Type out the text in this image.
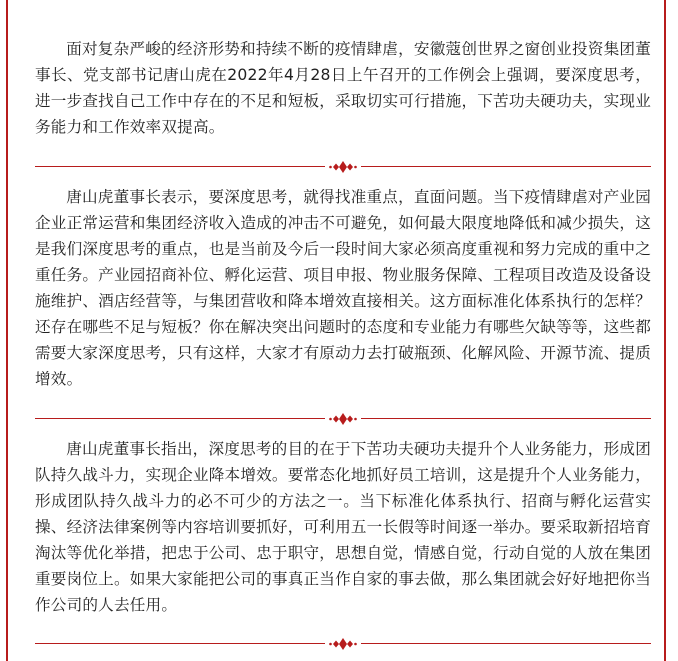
面对复杂严峻的经济形势和持续不断的疫情肆虐，安徽蔻创世界之窗创业投资集团董事长、党支部书记唐山虎在2022年4月28日上午召开的工作例会上强调，要深度思考，进一步查找自己工作中存在的不足和短板，采取切实可行措施，下苦功夫硬功夫，实现业务能力和工作效率双提高。

唐山虎董事长表示，要深度思考，就得找准重点，直面问题。当下疫情肆虐对产业园企业正常运营和集团经济收入造成的冲击不可避免，如何最大限度地降低和减少损失，这是我们深度思考的重点，也是当前及今后一段时间大家必须高度重视和努力完成的重中之重任务。产业园招商补位、孵化运营、项目申报、物业服务保障、工程项目改造及设备设施维护、酒店经营等，与集团营收和降本增效直接相关。这方面标准化体系执行的怎样？还存在哪些不足与短板？你在解决突出问题时的态度和专业能力有哪些欠缺等等，这些都需要大家深度思考，只有这样，大家才有原动力去打破瓶颈、化解风险、开源节流、提质增效。

唐山虎董事长指出，深度思考的目的在于下苦功夫硬功夫提升个人业务能力，形成团队持久战斗力，实现企业降本增效。要常态化地抓好员工培训，这是提升个人业务能力，形成团队持久战斗力的必不可少的方法之一。当下标准化体系执行、招商与孵化运营实操、经济法律案例等内容培训要抓好，可利用五一长假等时间逐一举办。要采取新招培育淘汰等优化举措，把忠于公司、忠于职守，思想自觉，情感自觉，行动自觉的人放在集团重要岗位上。如果大家能把公司的事真正当作自家的事去做，那么集团就会好好地把你当作公司的人去任用。
